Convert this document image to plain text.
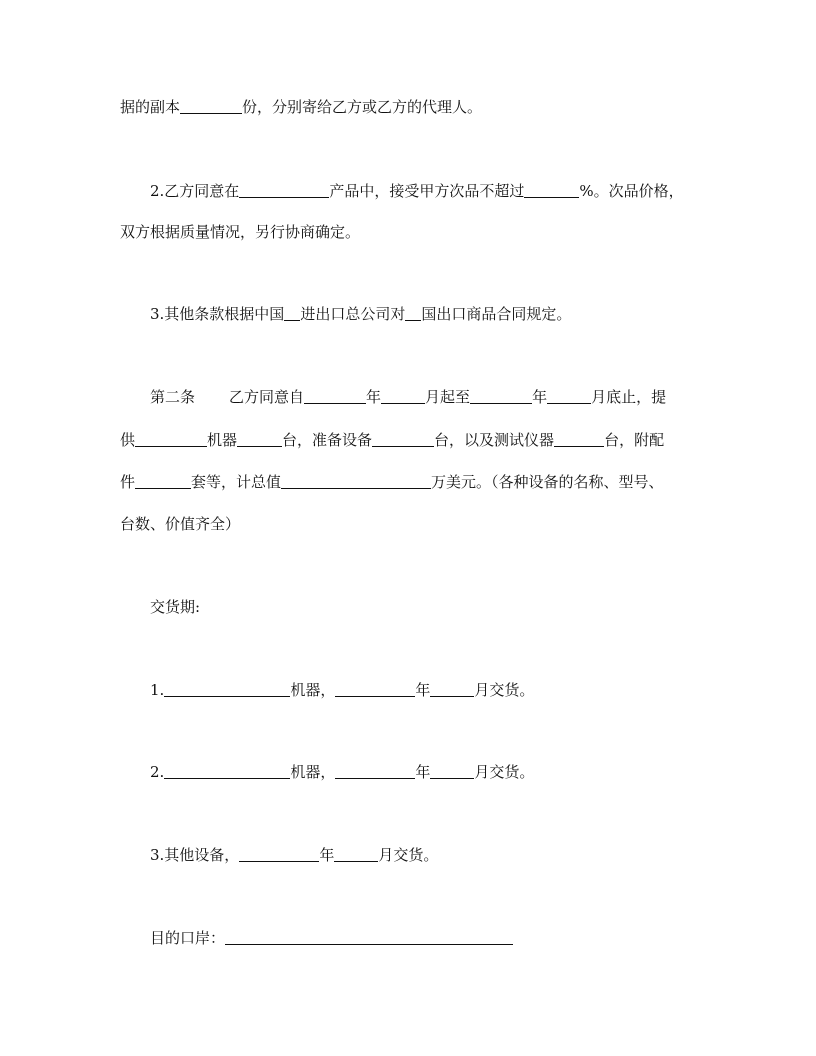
据的副本	份，分别寄给乙方或乙方的代理人。
2.乙方同意在	产品中，接受甲方次品不超过	%。次品价格，
双方根据质量情况，另行协商确定。
3.其他条款根据中国 进出口总公司对 国出口商品合同规定。
第二条 乙方同意自	年	月起至	年	月底止，提
供	机器	台，准备设备	台，以及测试仪器	台，附配
件	套等，计总值	万美元。（各种设备的名称、型号、
台数、价值齐全）
交货期:
1.	机器，	年	月交货。
2.	机器，	年	月交货。
3.其他设备，	年	月交货。
目的口岸：
